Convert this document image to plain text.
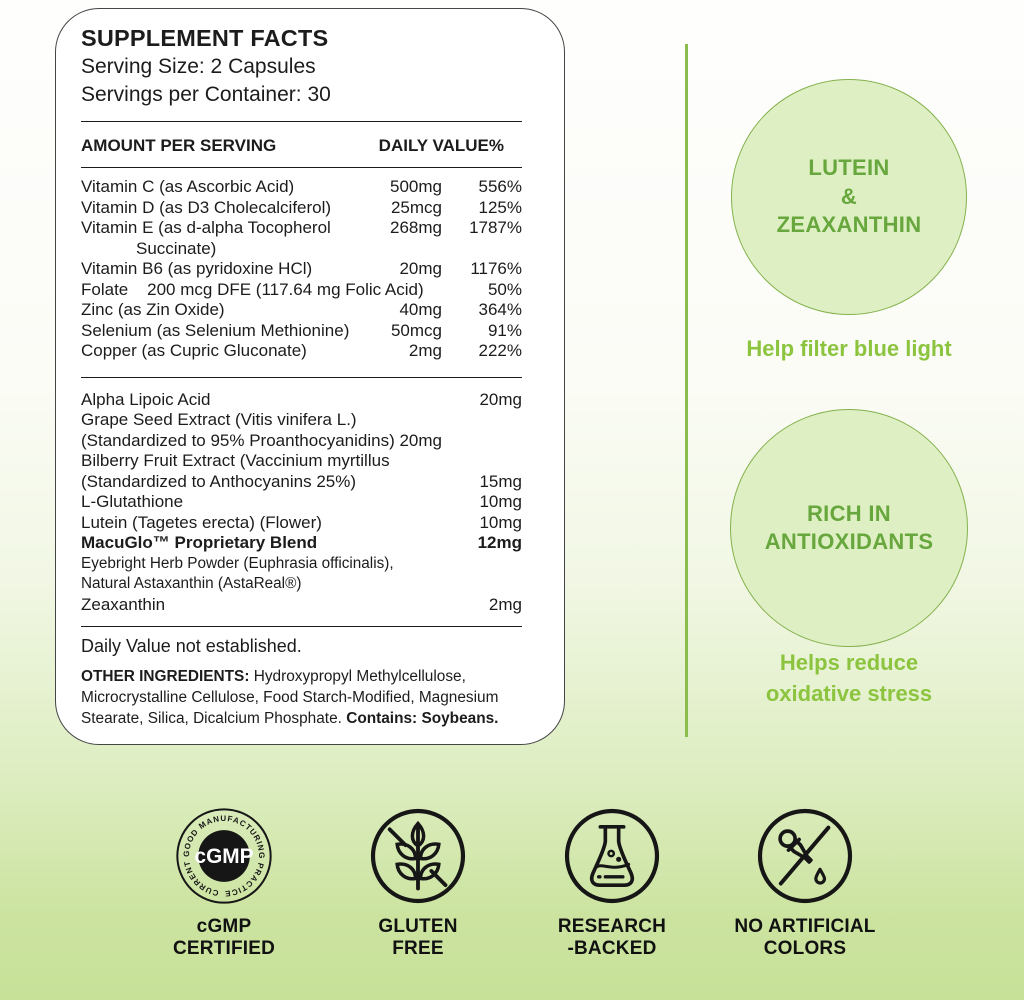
SUPPLEMENT FACTS
Serving Size: 2 Capsules
Servings per Container: 30
AMOUNT PER SERVING	DAILY VALUE%
Vitamin C (as Ascorbic Acid)	500mg	556%
Vitamin D (as D3 Cholecalciferol)	25mcg	125%
Vitamin E (as d-alpha Tocopherol	268mg	1787%
Succinate)
Vitamin B6 (as pyridoxine HCl)	20mg	1176%
Folate    200 mcg DFE (117.64 mg Folic Acid)	50%
Zinc (as Zin Oxide)	40mg	364%
Selenium (as Selenium Methionine)	50mcg	91%
Copper (as Cupric Gluconate)	2mg	222%
Alpha Lipoic Acid	20mg
Grape Seed Extract (Vitis vinifera L.)
(Standardized to 95% Proanthocyanidins) 20mg
Bilberry Fruit Extract (Vaccinium myrtillus
(Standardized to Anthocyanins 25%)	15mg
L-Glutathione	10mg
Lutein (Tagetes erecta) (Flower)	10mg
MacuGlo™ Proprietary Blend	12mg
Eyebright Herb Powder (Euphrasia officinalis),
Natural Astaxanthin (AstaReal®)
Zeaxanthin	2mg
Daily Value not established.

OTHER INGREDIENTS: Hydroxypropyl Methylcellulose, Microcrystalline Cellulose, Food Starch-Modified, Magnesium Stearate, Silica, Dicalcium Phosphate. Contains: Soybeans.

LUTEIN
&
ZEAXANTHIN
Help filter blue light
RICH IN
ANTIOXIDANTS
Helps reduce
oxidative stress
CURRENT GOOD MANUFACTURING PRACTICE
cGMP
cGMP
CERTIFIED
GLUTEN
FREE
RESEARCH
-BACKED
NO ARTIFICIAL
COLORS
